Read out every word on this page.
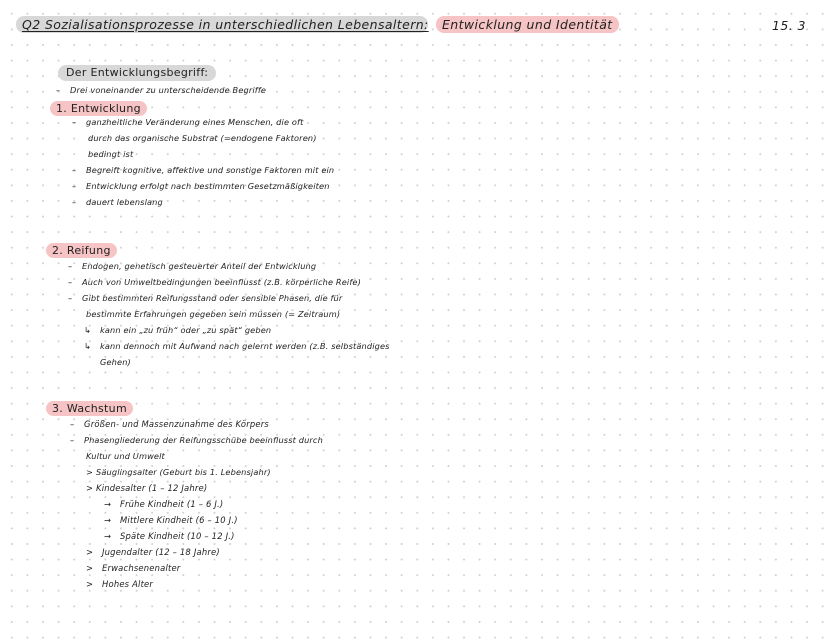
Q2 Sozialisationsprozesse in unterschiedlichen Lebensaltern:	Entwicklung und Identität	15. 3
Der Entwicklungsbegriff:
– Drei voneinander zu unterscheidende Begriffe
1. Entwicklung
– ganzheitliche Veränderung eines Menschen, die oft
durch das organische Substrat (=endogene Faktoren)
bedingt ist
– Begreift kognitive, affektive und sonstige Faktoren mit ein
– Entwicklung erfolgt nach bestimmten Gesetzmäßigkeiten
– dauert lebenslang
2. Reifung
– Endogen, genetisch gesteuerter Anteil der Entwicklung
– Auch von Umweltbedingungen beeinflusst (z.B. körperliche Reife)
– Gibt bestimmten Reifungsstand oder sensible Phasen, die für
bestimmte Erfahrungen gegeben sein müssen (= Zeitraum)
↳ kann ein „zu früh“ oder „zu spät“ geben
↳ kann dennoch mit Aufwand nach gelernt werden (z.B. selbständiges
Gehen)
3. Wachstum
– Größen- und Massenzunahme des Körpers
– Phasengliederung der Reifungsschübe beeinflusst durch
Kultur und Umwelt
> Säuglingsalter (Geburt bis 1. Lebensjahr)
> Kindesalter (1 – 12 Jahre)
→ Frühe Kindheit (1 – 6 J.)
→ Mittlere Kindheit (6 – 10 J.)
→ Späte Kindheit (10 – 12 J.)
> Jugendalter (12 – 18 Jahre)
> Erwachsenenalter
> Hohes Alter
